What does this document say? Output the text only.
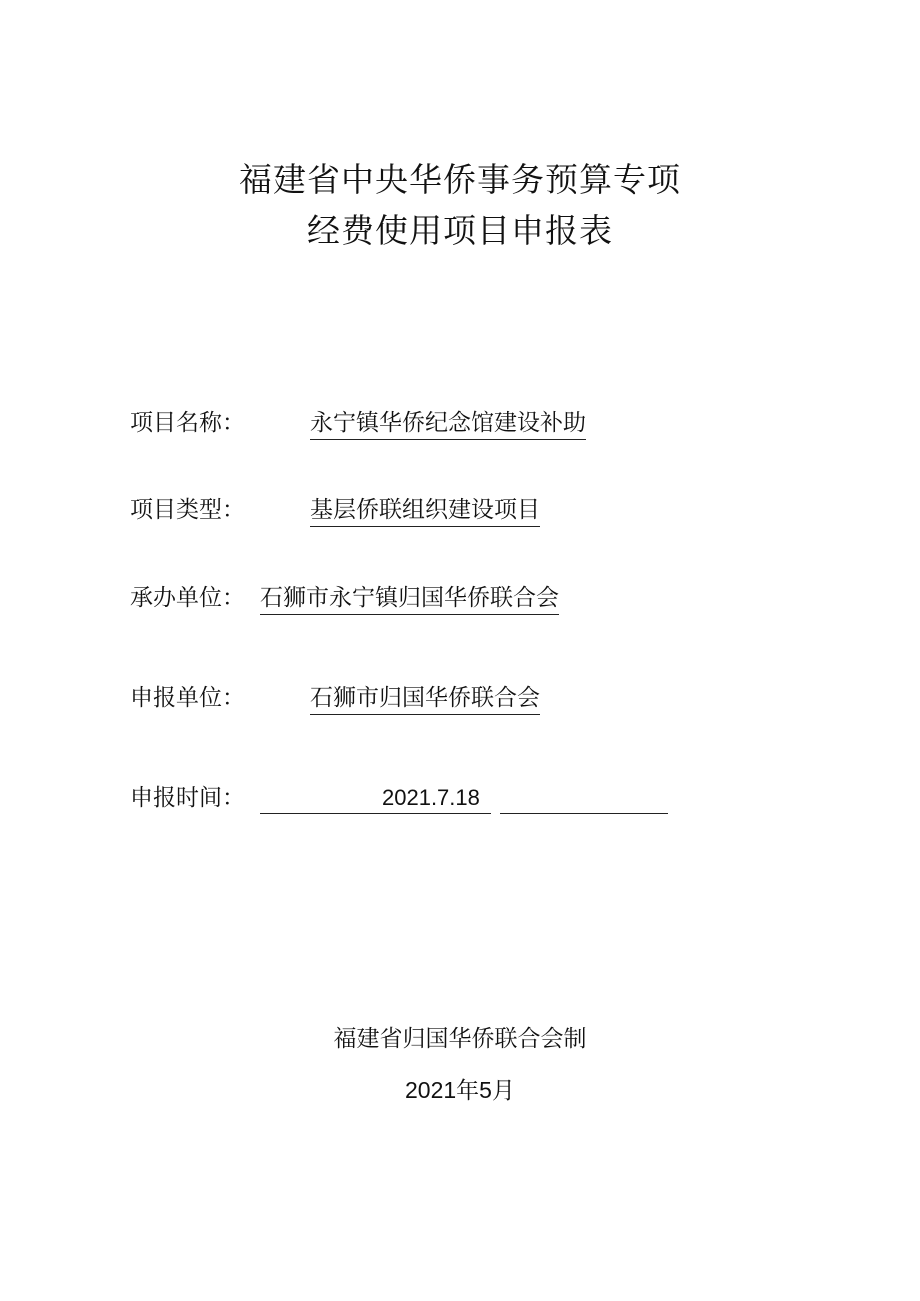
福建省中央华侨事务预算专项
经费使用项目申报表
项目名称：	永宁镇华侨纪念馆建设补助
项目类型：	基层侨联组织建设项目
承办单位： 石狮市永宁镇归国华侨联合会
申报单位：	石狮市归国华侨联合会
申报时间：	2021.7.18
福建省归国华侨联合会制
2021年5月
